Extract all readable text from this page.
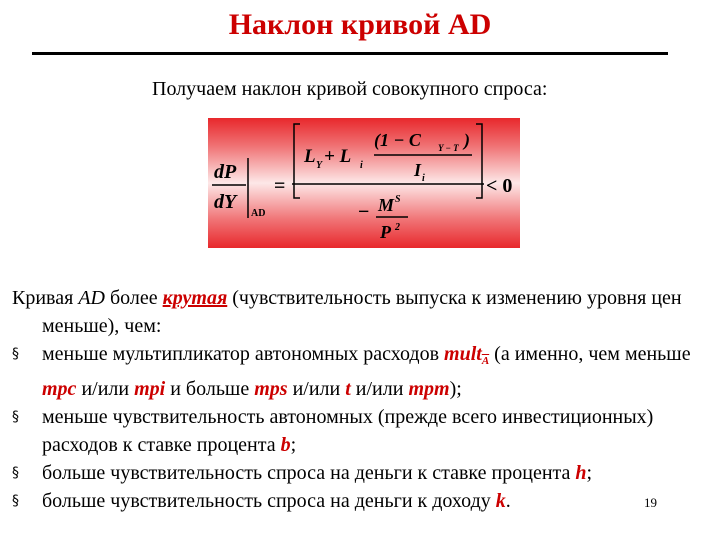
Наклон кривой AD
Получаем наклон кривой совокупного спроса:
dP
dY
AD
=
L Y + L i
(1 − C Y − T )
I i
− M S
P 2
< 0
Кривая AD более крутая (чувствительность выпуска к изменению уровня цен меньше), чем:
§ меньше мультипликатор автономных расходов mult$_{\overline{A}}$ (а именно, чем меньше mpc и/или mpi и больше mps и/или t и/или mpm);
§ меньше чувствительность автономных (прежде всего инвестиционных) расходов к ставке процента b;
§ больше чувствительность спроса на деньги к ставке процента h;
§ больше чувствительность спроса на деньги к доходу k.	19
